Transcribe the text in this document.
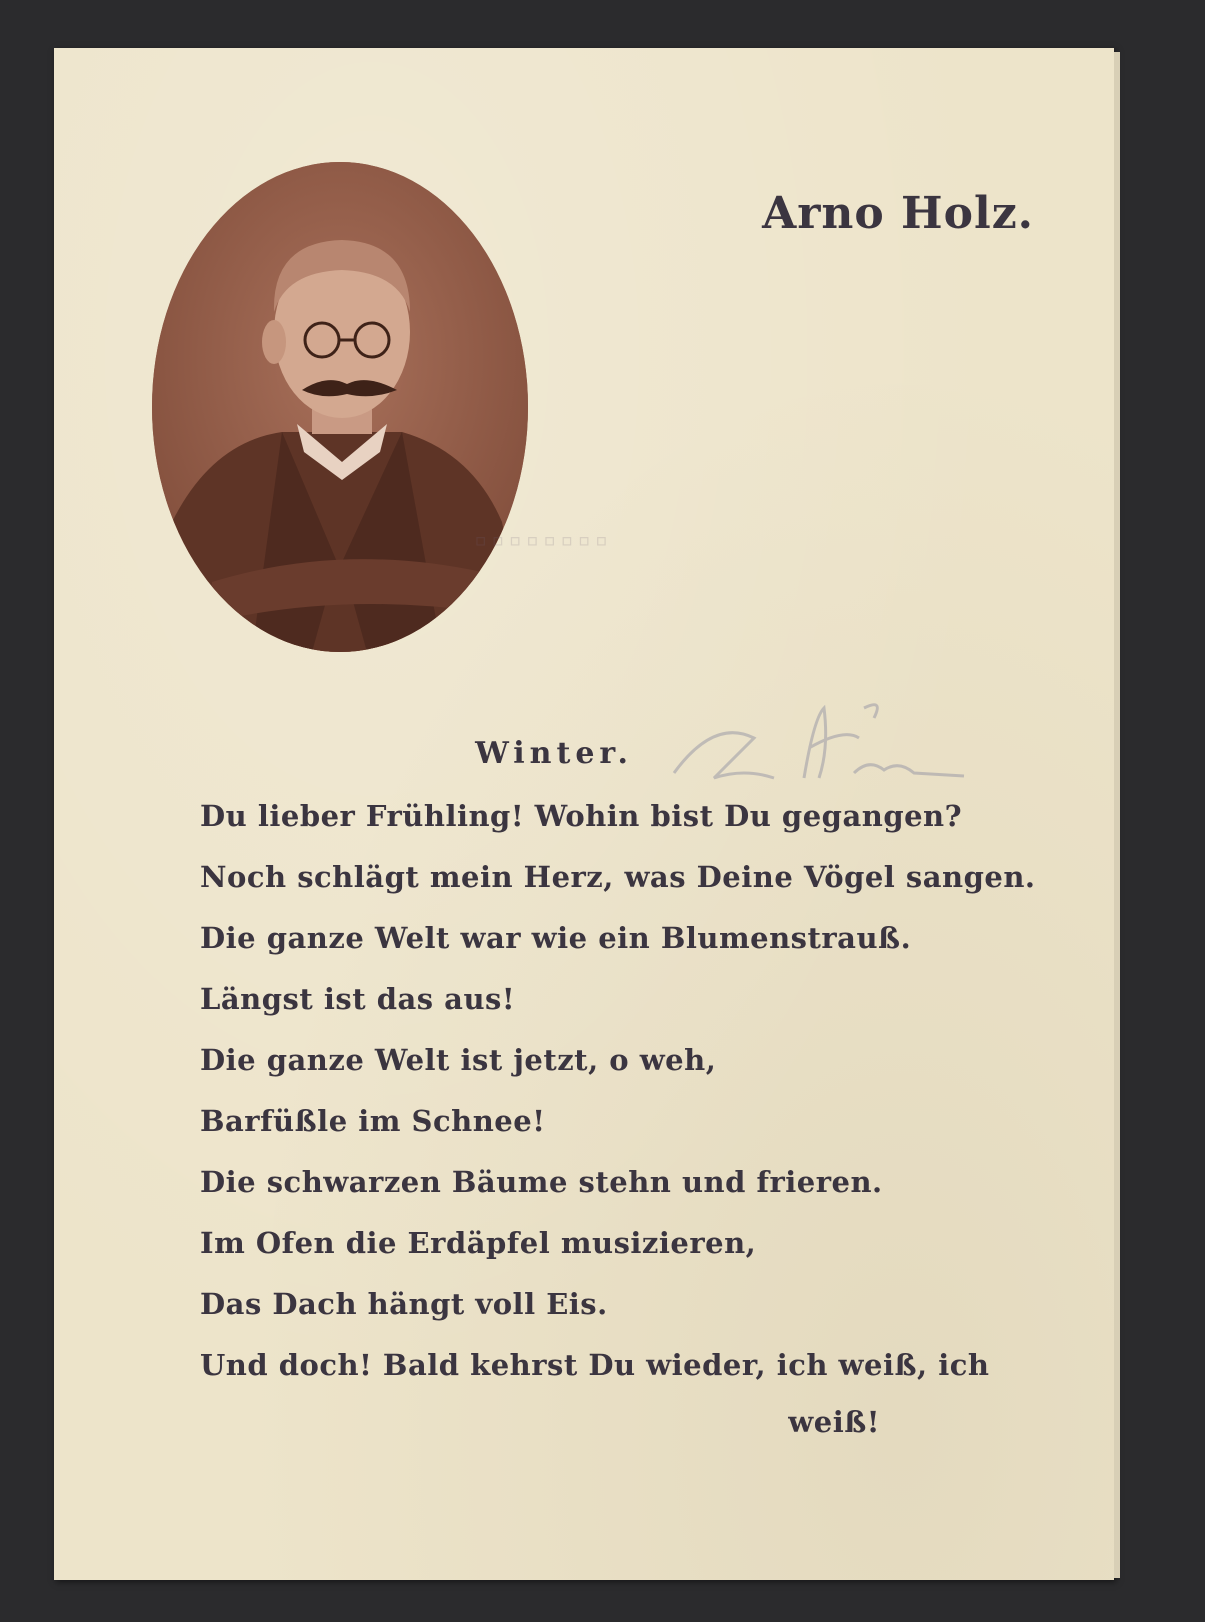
Arno Holz.
▫▫▫▫▫▫▫▫
Winter.
Du lieber Frühling! Wohin bist Du gegangen?
Noch schlägt mein Herz, was Deine Vögel sangen.
Die ganze Welt war wie ein Blumenstrauß.
Längst ist das aus!
Die ganze Welt ist jetzt, o weh,
Barfüßle im Schnee!
Die schwarzen Bäume stehn und frieren.
Im Ofen die Erdäpfel musizieren,
Das Dach hängt voll Eis.
Und doch! Bald kehrst Du wieder, ich weiß, ich
weiß!
